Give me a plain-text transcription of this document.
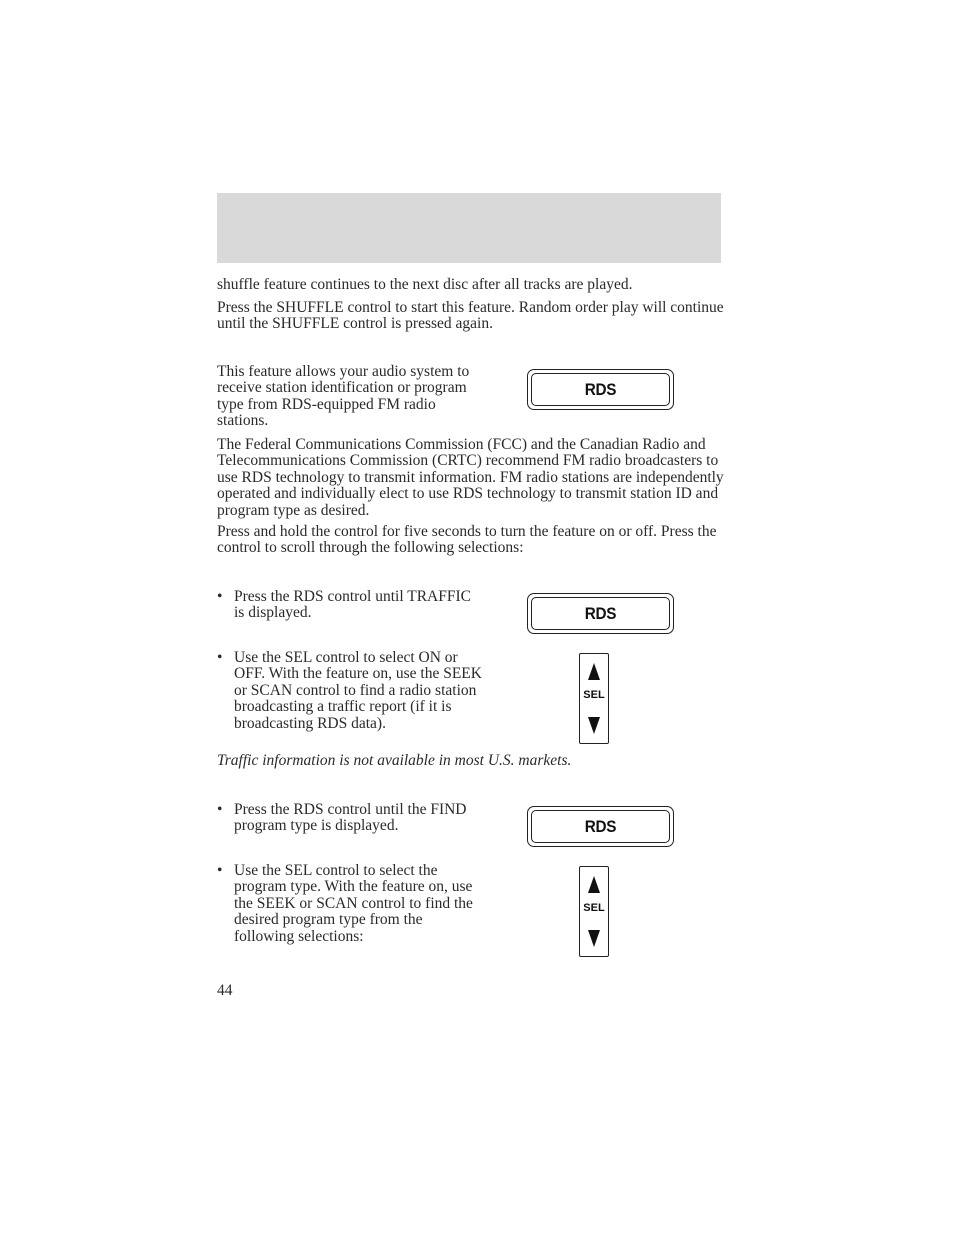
shuffle feature continues to the next disc after all tracks are played.

Press the SHUFFLE control to start this feature. Random order play will continue until the SHUFFLE control is pressed again.

This feature allows your audio system to receive station identification or program type from RDS-equipped FM radio stations.

RDS

The Federal Communications Commission (FCC) and the Canadian Radio and Telecommunications Commission (CRTC) recommend FM radio broadcasters to use RDS technology to transmit information. FM radio stations are independently operated and individually elect to use RDS technology to transmit station ID and program type as desired.

Press and hold the control for five seconds to turn the feature on or off. Press the control to scroll through the following selections:

• Press the RDS control until TRAFFIC is displayed.	RDS
• Use the SEL control to select ON or OFF. With the feature on, use the SEEK or SCAN control to find a radio station broadcasting a traffic report (if it is broadcasting RDS data).
SEL

Traffic information is not available in most U.S. markets.

• Press the RDS control until the FIND program type is displayed.	RDS
• Use the SEL control to select the program type. With the feature on, use the SEEK or SCAN control to find the desired program type from the following selections:
SEL
44
